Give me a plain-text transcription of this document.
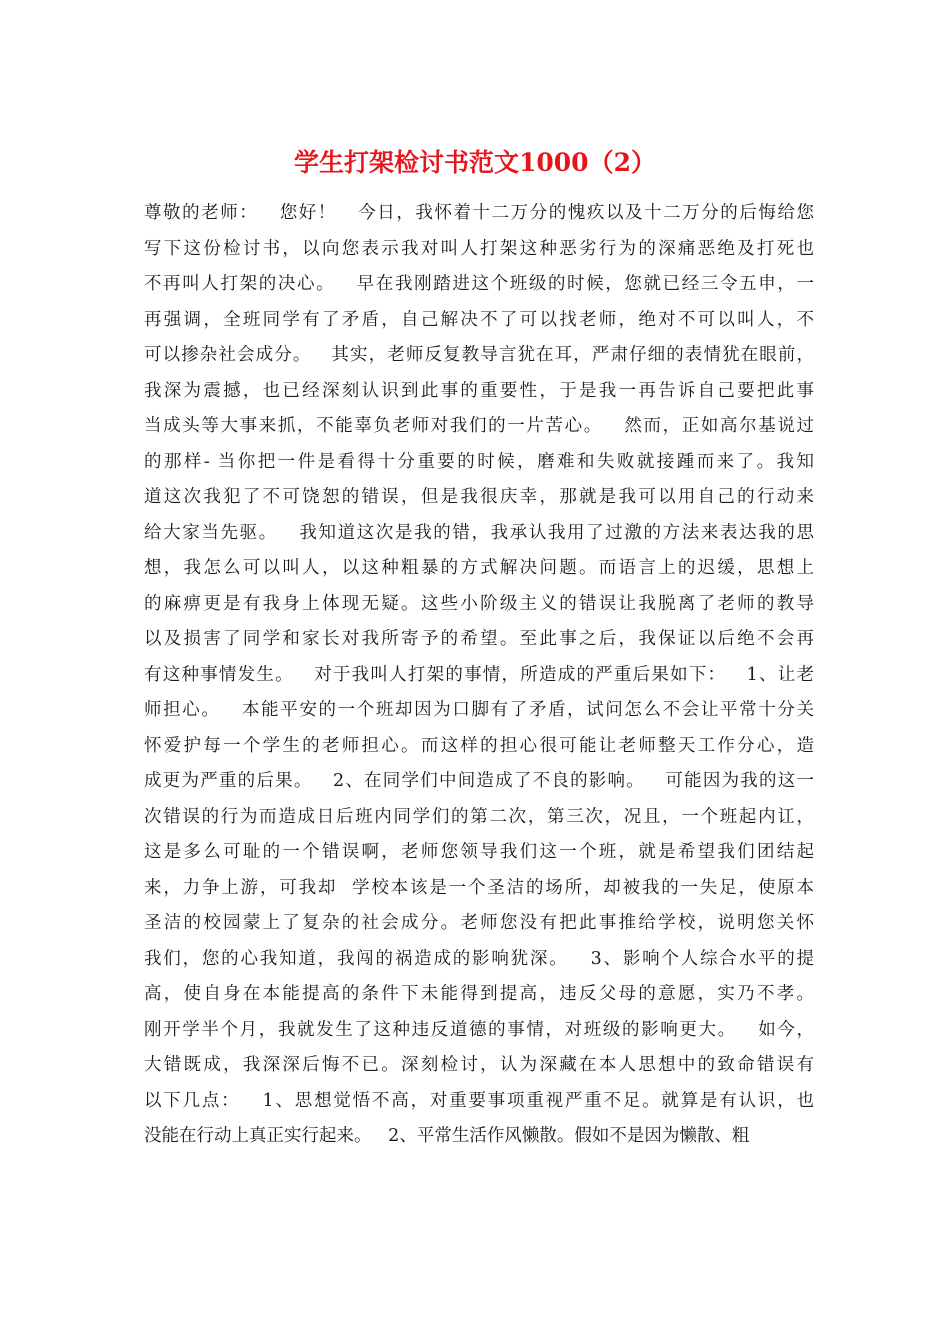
学生打架检讨书范文1000（2）
尊敬的老师：   您好！   今日，我怀着十二万分的愧疚以及十二万分的后悔给您
写下这份检讨书，以向您表示我对叫人打架这种恶劣行为的深痛恶绝及打死也
不再叫人打架的决心。   早在我刚踏进这个班级的时候，您就已经三令五申，一
再强调，全班同学有了矛盾，自己解决不了可以找老师，绝对不可以叫人，不
可以掺杂社会成分。   其实，老师反复教导言犹在耳，严肃仔细的表情犹在眼前，
我深为震撼，也已经深刻认识到此事的重要性，于是我一再告诉自己要把此事
当成头等大事来抓，不能辜负老师对我们的一片苦心。   然而，正如高尔基说过
的那样- 当你把一件是看得十分重要的时候，磨难和失败就接踵而来了。我知
道这次我犯了不可饶恕的错误，但是我很庆幸，那就是我可以用自己的行动来
给大家当先驱。   我知道这次是我的错，我承认我用了过激的方法来表达我的思
想，我怎么可以叫人，以这种粗暴的方式解决问题。而语言上的迟缓，思想上
的麻痹更是有我身上体现无疑。这些小阶级主义的错误让我脱离了老师的教导
以及损害了同学和家长对我所寄予的希望。至此事之后，我保证以后绝不会再
有这种事情发生。   对于我叫人打架的事情，所造成的严重后果如下：   1、让老
师担心。   本能平安的一个班却因为口脚有了矛盾，试问怎么不会让平常十分关
怀爱护每一个学生的老师担心。而这样的担心很可能让老师整天工作分心，造
成更为严重的后果。   2、在同学们中间造成了不良的影响。   可能因为我的这一
次错误的行为而造成日后班内同学们的第二次，第三次，况且，一个班起内讧，
这是多么可耻的一个错误啊，老师您领导我们这一个班，就是希望我们团结起
来，力争上游，可我却  学校本该是一个圣洁的场所，却被我的一失足，使原本
圣洁的校园蒙上了复杂的社会成分。老师您没有把此事推给学校，说明您关怀
我们，您的心我知道，我闯的祸造成的影响犹深。   3、影响个人综合水平的提
高，使自身在本能提高的条件下未能得到提高，违反父母的意愿，实乃不孝。
刚开学半个月，我就发生了这种违反道德的事情，对班级的影响更大。   如今，
大错既成，我深深后悔不已。深刻检讨，认为深藏在本人思想中的致命错误有
以下几点：   1、思想觉悟不高，对重要事项重视严重不足。就算是有认识，也
没能在行动上真正实行起来。   2、平常生活作风懒散。假如不是因为懒散、粗
